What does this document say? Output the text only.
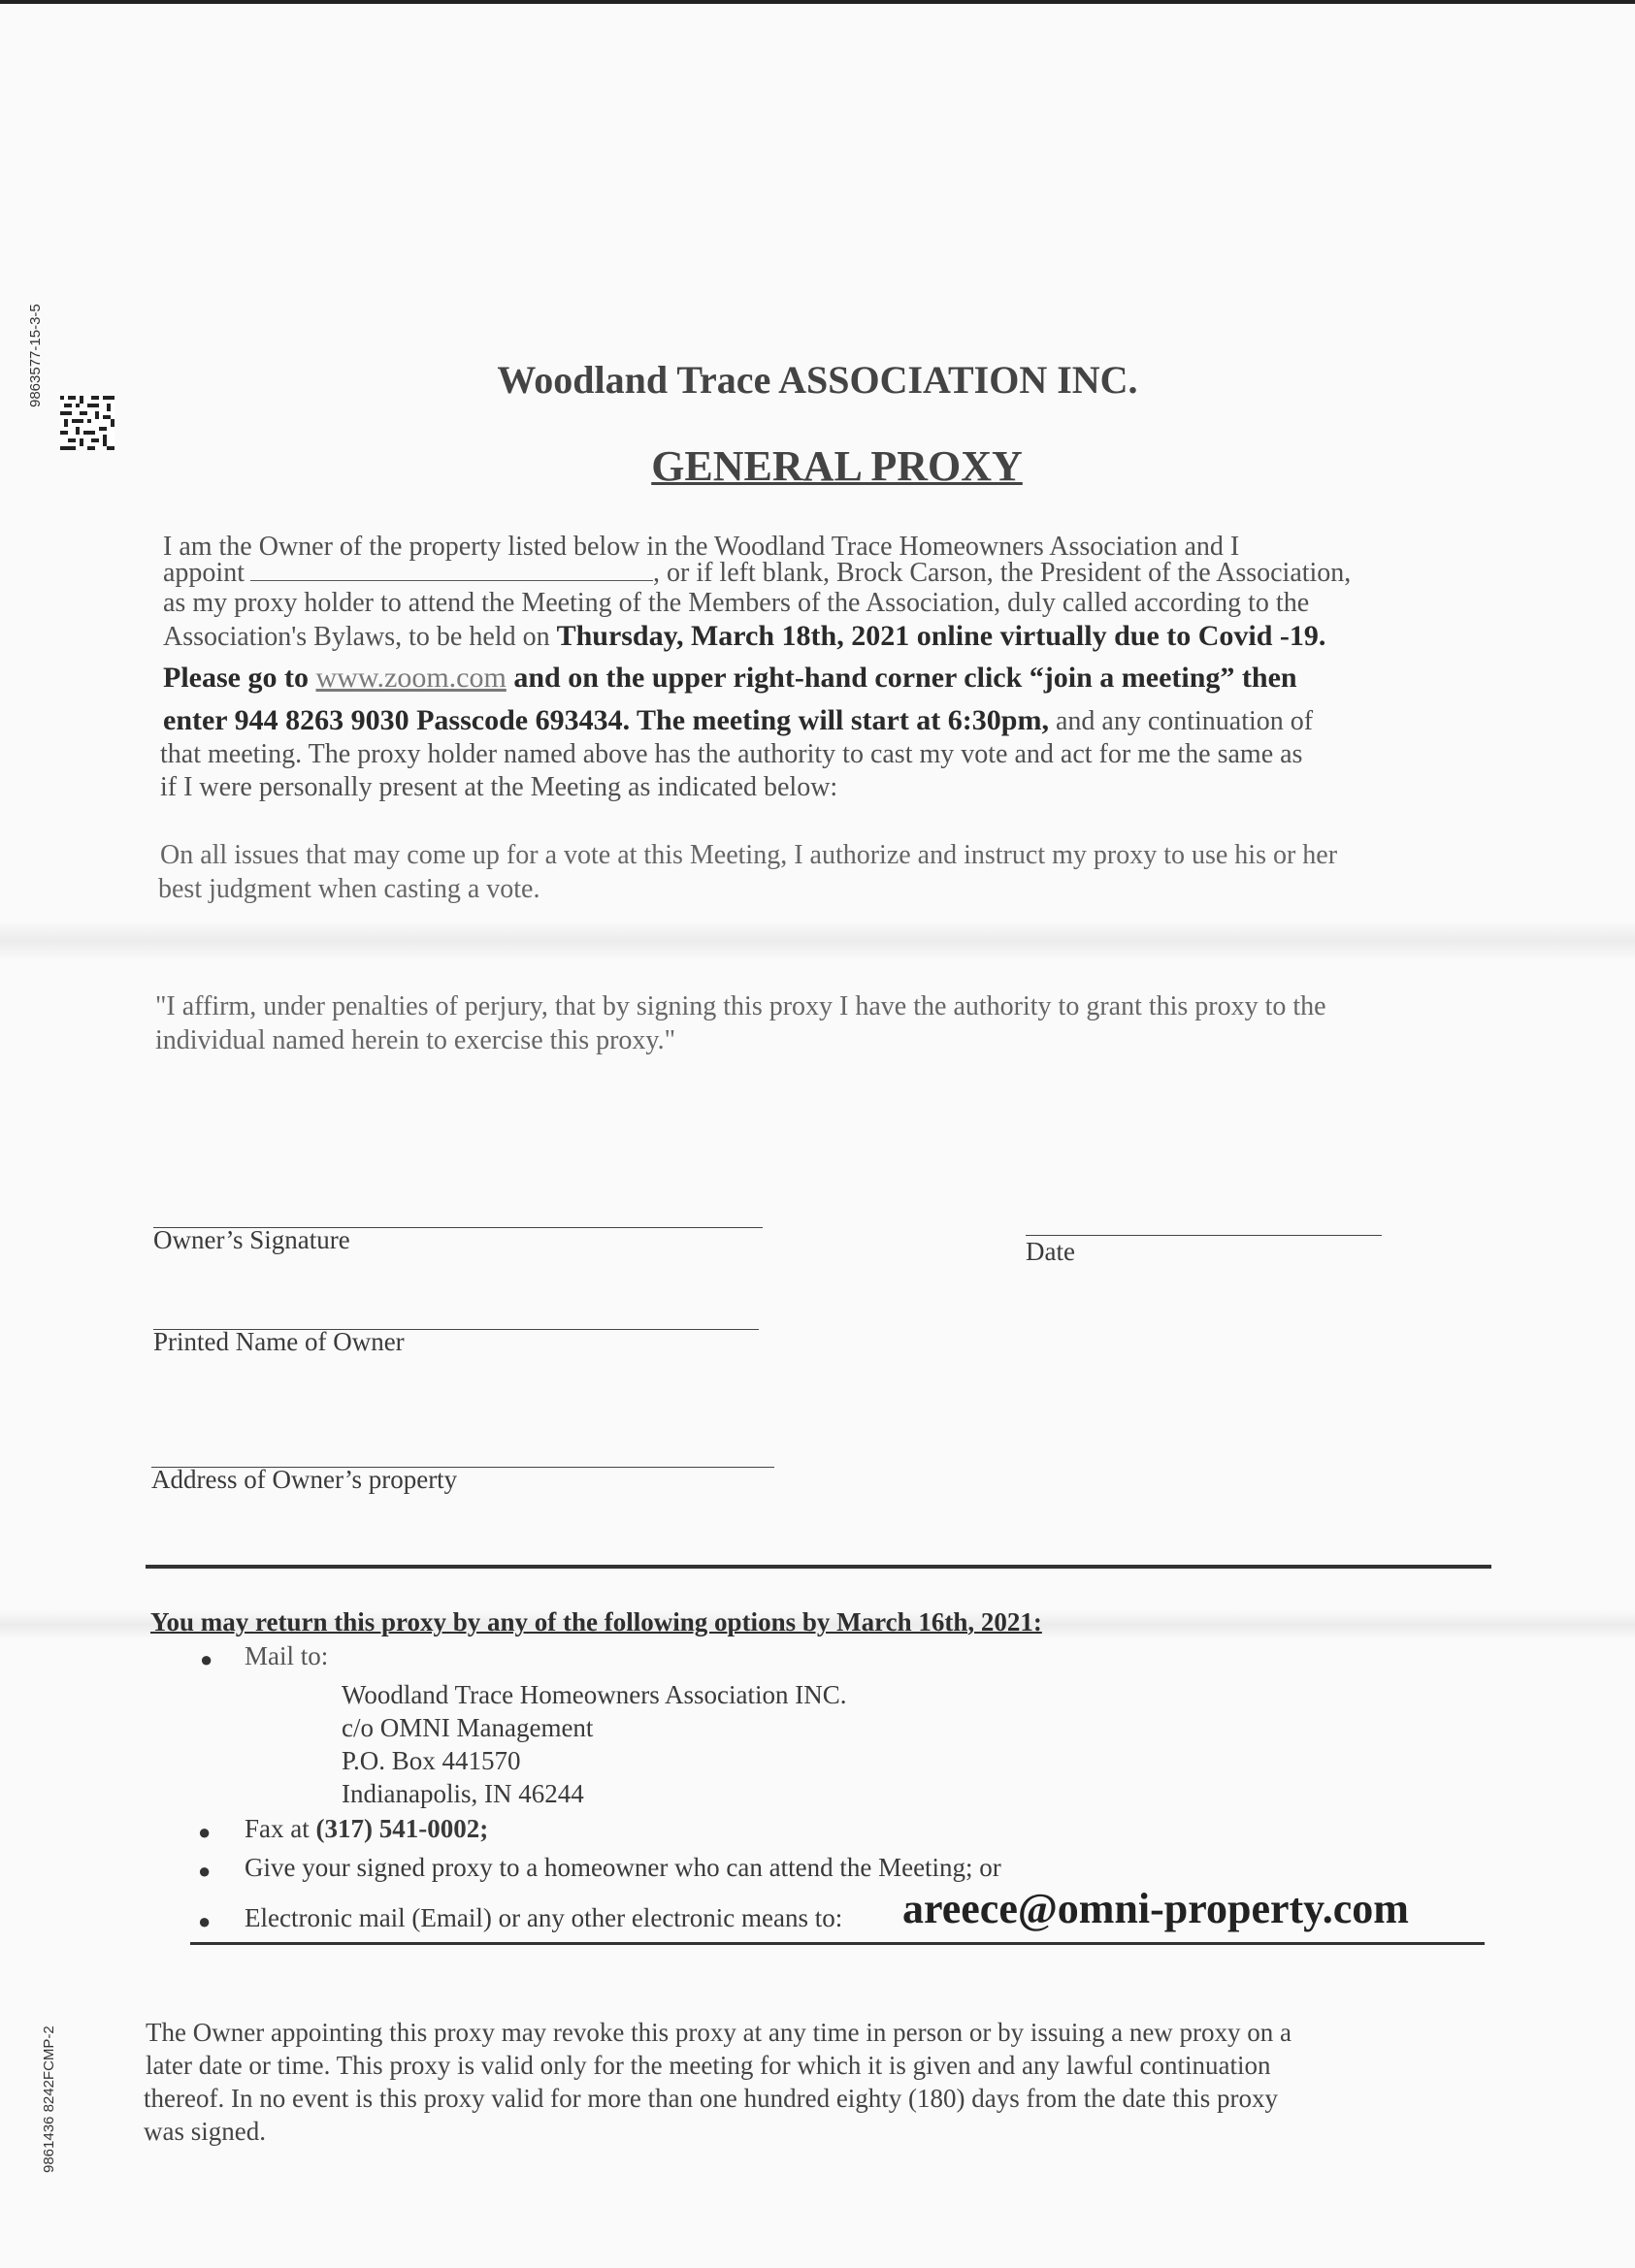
9863577-15-3-5
9861436 8242FCMP-2
Woodland Trace ASSOCIATION INC.
GENERAL PROXY
I am the Owner of the property listed below in the Woodland Trace Homeowners Association and I
appoint	, or if left blank, Brock Carson, the President of the Association,
as my proxy holder to attend the Meeting of the Members of the Association, duly called according to the
Association's Bylaws, to be held on Thursday, March 18th, 2021 online virtually due to Covid -19.
Please go to www.zoom.com and on the upper right-hand corner click “join a meeting” then
enter 944 8263 9030 Passcode 693434. The meeting will start at 6:30pm, and any continuation of
that meeting. The proxy holder named above has the authority to cast my vote and act for me the same as
if I were personally present at the Meeting as indicated below:
On all issues that may come up for a vote at this Meeting, I authorize and instruct my proxy to use his or her
best judgment when casting a vote.
"I affirm, under penalties of perjury, that by signing this proxy I have the authority to grant this proxy to the
individual named herein to exercise this proxy."
Owner’s Signature	Date
Printed Name of Owner
Address of Owner’s property
You may return this proxy by any of the following options by March 16th, 2021:
● Mail to:
Woodland Trace Homeowners Association INC.
c/o OMNI Management
P.O. Box 441570
Indianapolis, IN 46244
● Fax at (317) 541-0002;
● Give your signed proxy to a homeowner who can attend the Meeting; or
● Electronic mail (Email) or any other electronic means to: areece@omni-property.com
The Owner appointing this proxy may revoke this proxy at any time in person or by issuing a new proxy on a
later date or time. This proxy is valid only for the meeting for which it is given and any lawful continuation
thereof. In no event is this proxy valid for more than one hundred eighty (180) days from the date this proxy
was signed.
